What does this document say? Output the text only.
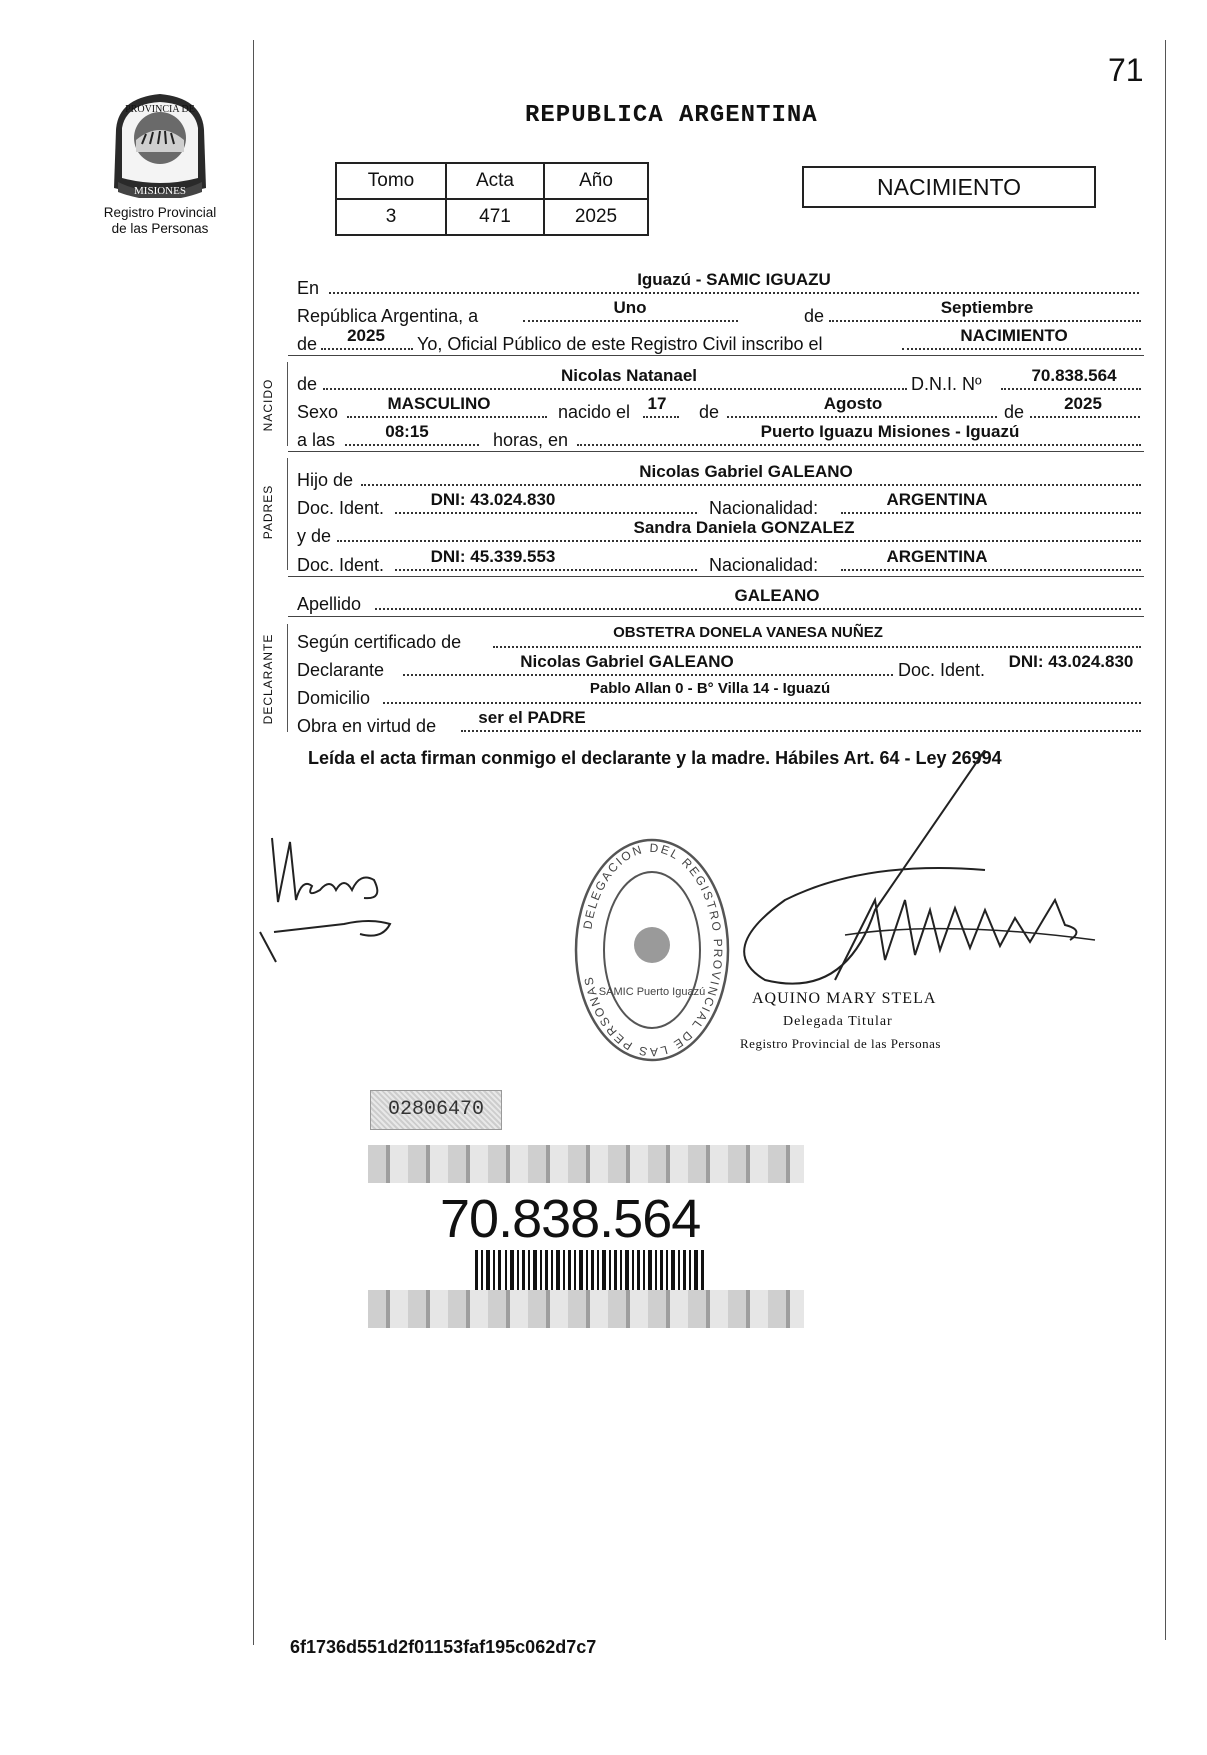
71
PROVINCIA DE
MISIONES
Registro Provincial
de las Personas
REPUBLICA ARGENTINA
Tomo	Acta	Año
3	471	2025
NACIMIENTO
NACIDO
PADRES
DECLARANTE
En	Iguazú - SAMIC IGUAZU
República Argentina, a	Uno	de	Septiembre
de 2025 Yo, Oficial Público de este Registro Civil inscribo el	NACIMIENTO
de	Nicolas Natanael	D.N.I. Nº	70.838.564
Sexo	MASCULINO	nacido el 17 de	Agosto	de 2025
a las	08:15	horas, en	Puerto Iguazu Misiones - Iguazú
Hijo de	Nicolas Gabriel GALEANO
Doc. Ident.	DNI: 43.024.830	Nacionalidad:	ARGENTINA
y de	Sandra Daniela GONZALEZ
Doc. Ident.	DNI: 45.339.553	Nacionalidad:	ARGENTINA
Apellido	GALEANO
Según certificado de	OBSTETRA DONELA VANESA NUÑEZ
Declarante	Nicolas Gabriel GALEANO	Doc. Ident. DNI: 43.024.830
Domicilio	Pablo Allan 0 - B° Villa 14 - Iguazú
Obra en virtud de ser el PADRE
Leída el acta firman conmigo el declarante y la madre. Hábiles Art. 64 - Ley 26994
DELEGACION DEL REGISTRO PROVINCIAL DE LAS PERSONAS
SAMIC Puerto Iguazú	AQUINO MARY STELA
Delegada Titular
Registro Provincial de las Personas
02806470
70.838.564
6f1736d551d2f01153faf195c062d7c7
